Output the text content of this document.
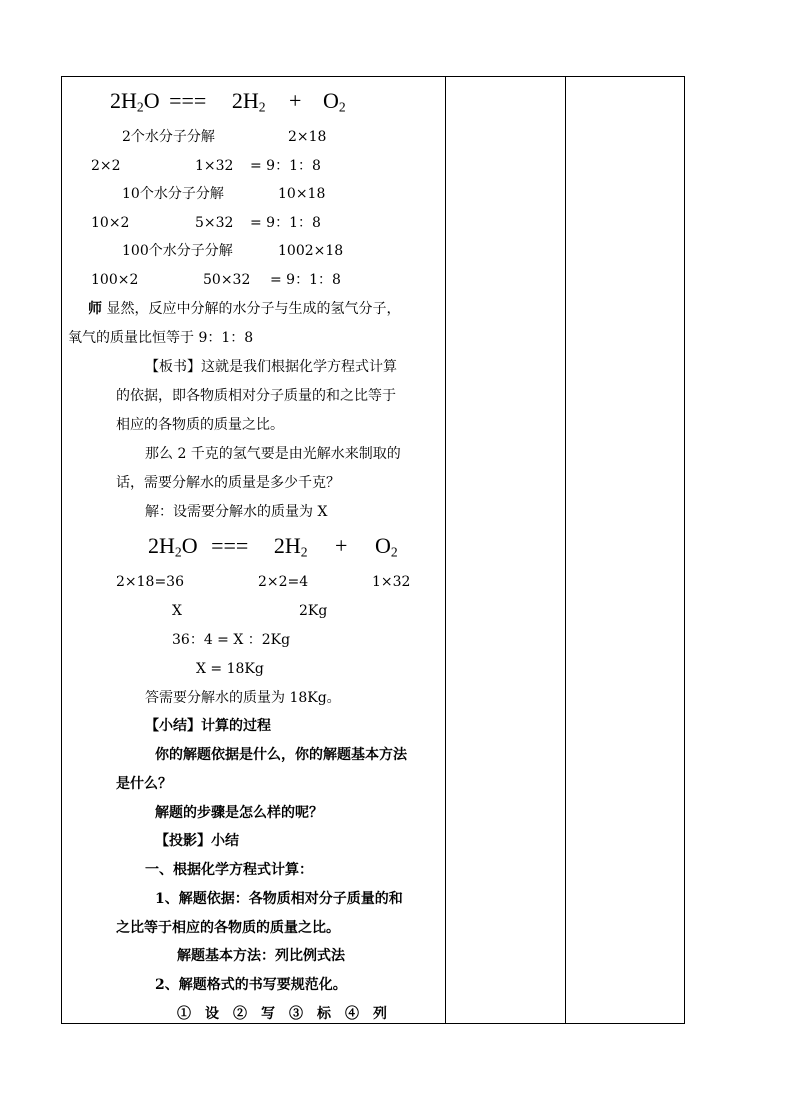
$2H_2O$ === $2H_2 + O_2$
2个水分子分解	2×18
2×2	1×32 = 9：1：8
10个水分子分解	10×18
10×2	5×32 = 9：1：8
100个水分子分解	1002×18
100×2	50×32 = 9：1：8
师 显然，反应中分解的水分子与生成的氢气分子，
氧气的质量比恒等于 9：1：8
【板书】这就是我们根据化学方程式计算
的依据，即各物质相对分子质量的和之比等于
相应的各物质的质量之比。
那么 2 千克的氢气要是由光解水来制取的
话，需要分解水的质量是多少千克？
解：设需要分解水的质量为 X
$2H_2O$ === $2H_2 + O_2$
2×18=36	2×2=4	1×32
X	2Kg
36：4 = X ：2Kg
X = 18Kg
答需要分解水的质量为 18Kg。
【小结】计算的过程
你的解题依据是什么，你的解题基本方法
是什么？
解题的步骤是怎么样的呢？
【投影】小结
一、根据化学方程式计算：
1、解题依据：各物质相对分子质量的和
之比等于相应的各物质的质量之比。
解题基本方法：列比例式法
2、解题格式的书写要规范化。
①　设　②　写　③　标　④　列
